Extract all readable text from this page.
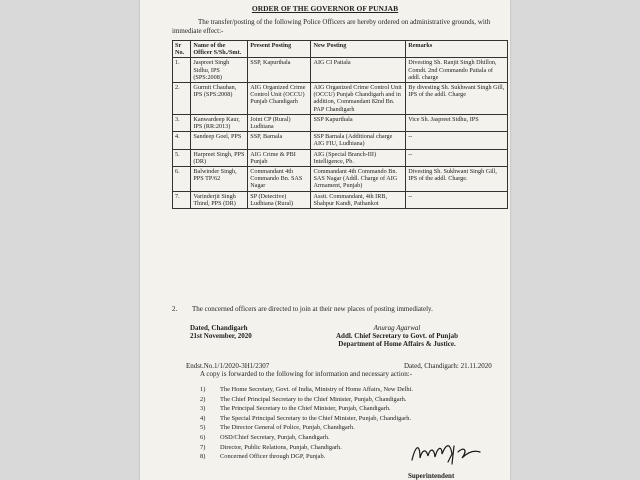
ORDER OF THE GOVERNOR OF PUNJAB
The transfer/posting of the following Police Officers are hereby ordered on administrative grounds, with immediate effect:-
Sr No.	Name of the Officer S/Sh./Smt.	Present Posting	New Posting	Remarks
1.	Jaspreet Singh Sidhu, IPS (SPS:2008)	SSP, Kapurthala	AIG CI Patiala	Divesting Sh. Ranjit Singh Dhillon, Comdt. 2nd Commando Patiala of addl. charge
2.	Gurmit Chauhan, IPS (SPS:2008)	AIG Organized Crime Control Unit (OCCU) Punjab Chandigarh	AIG Organized Crime Control Unit (OCCU) Punjab Chandigarh and in addition, Commandant 82nd Bn. PAP Chandigarh	By divesting Sh. Sukhwant Singh Gill, IPS of the addl. Charge
3.	Kanwardeep Kaur, IPS (RR:2013)	Joint CP (Rural) Ludhiana	SSP Kapurthala	Vice Sh. Jaspreet Sidhu, IPS
4.	Sandeep Goel, PPS	SSP, Barnala	SSP Barnala (Additional charge AIG FIU, Ludhiana)	--
5.	Harpreet Singh, PPS (DR)	AIG Crime & PBI Punjab	AIG (Special Branch-III) Intelligence, Pb.	--
6.	Balwinder Singh, PPS TP/62	Commandant 4th Commando Bn. SAS Nagar	Commandant 4th Commando Bn. SAS Nagar (Addl. Charge of AIG Armament, Punjab)	Divesting Sh. Sukhwant Singh Gill, IPS of the addl. Charge.
7.	Varinderjit Singh Thind, PPS (DR)	SP (Detective) Ludhiana (Rural)	Asstt. Commandant, 4th IRB, Shahpur Kandi, Pathankot	--
2. The concerned officers are directed to join at their new places of posting immediately.
Dated, Chandigarh
21st November, 2020
Anurag Agarwal
Addl. Chief Secretary to Govt. of Punjab
Department of Home Affairs & Justice.
Endst.No.1/1/2020-3H1/2307	Dated, Chandigarh: 21.11.2020
A copy is forwarded to the following for information and necessary action:-
1)	The Home Secretary, Govt. of India, Ministry of Home Affairs, New Delhi.
2)	The Chief Principal Secretary to the Chief Minister, Punjab, Chandigarh.
3)	The Principal Secretary to the Chief Minister, Punjab, Chandigarh.
4)	The Special Principal Secretary to the Chief Minister, Punjab, Chandigarh.
5)	The Director General of Police, Punjab, Chandigarh.
6)	OSD/Chief Secretary, Punjab, Chandigarh.
7)	Director, Public Relations, Punjab, Chandigarh.
8)	Concerned Officer through DGP, Punjab.
Superintendent
